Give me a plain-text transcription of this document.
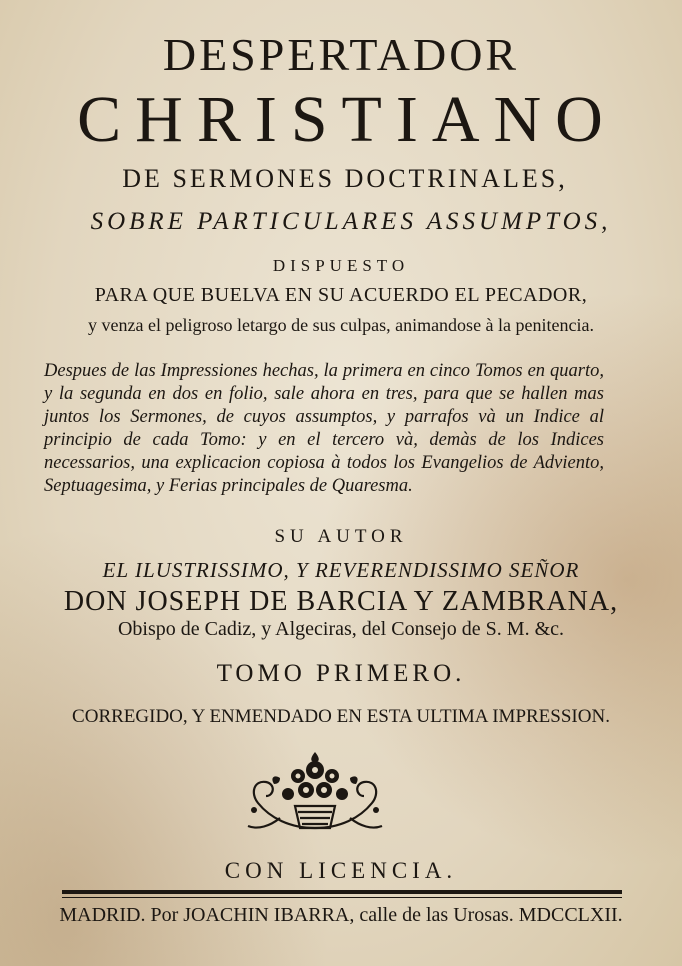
DESPERTADOR
CHRISTIANO
DE SERMONES DOCTRINALES,
SOBRE PARTICULARES ASSUMPTOS,
DISPUESTO
PARA QUE BUELVA EN SU ACUERDO EL PECADOR,
y venza el peligroso letargo de sus culpas, animandose à la penitencia.
Despues de las Impressiones hechas, la primera en cinco Tomos en quarto, y la segunda en dos en folio, sale ahora en tres, para que se hallen mas juntos los Sermones, de cuyos assumptos, y parrafos và un Indice al principio de cada Tomo: y en el tercero và, demàs de los Indices necessarios, una explicacion copiosa à todos los Evangelios de Adviento, Septuagesima, y Ferias principales de Quaresma.
SU AUTOR
EL ILUSTRISSIMO, Y REVERENDISSIMO SEÑOR
DON JOSEPH DE BARCIA Y ZAMBRANA,
Obispo de Cadiz, y Algeciras, del Consejo de S. M. &c.
TOMO PRIMERO.
CORREGIDO, Y ENMENDADO EN ESTA ULTIMA IMPRESSION.
CON LICENCIA.
MADRID. Por JOACHIN IBARRA, calle de las Urosas. MDCCLXII.
